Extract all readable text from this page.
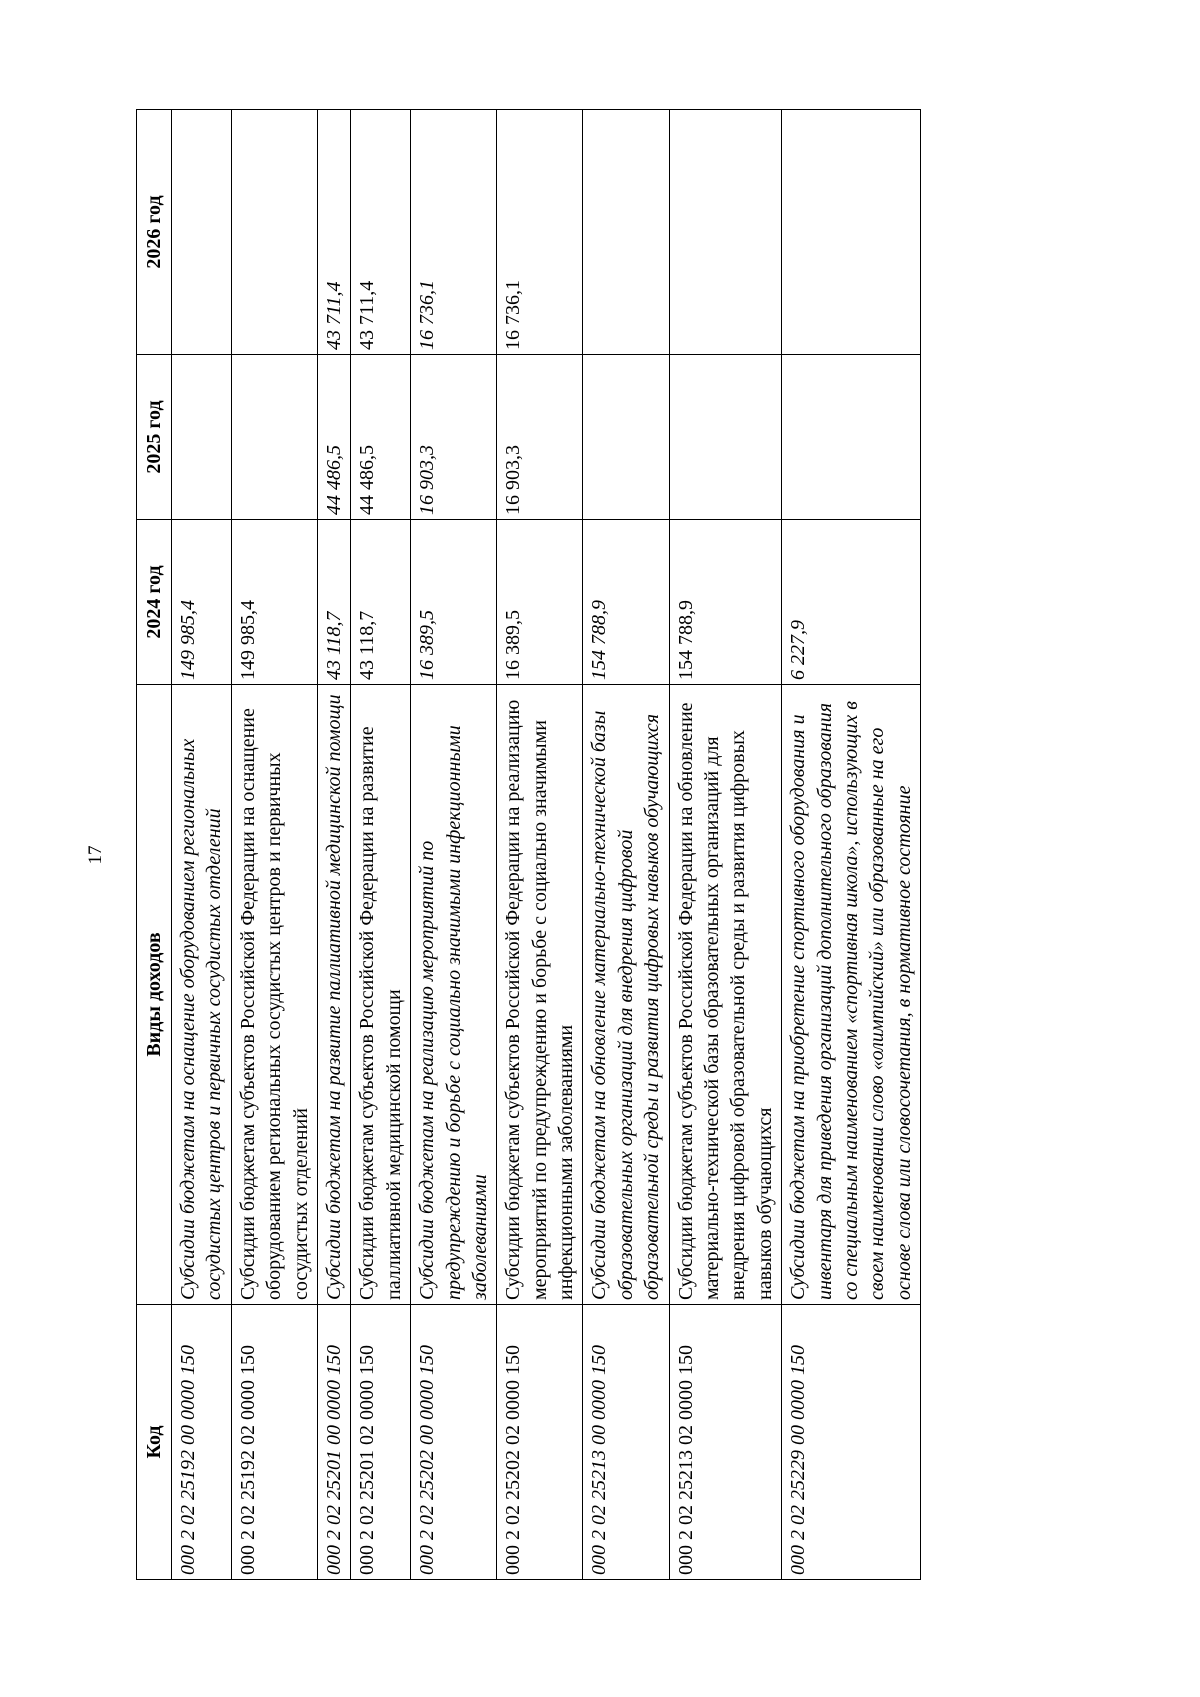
17
Код	Виды доходов	2024 год	2025 год	2026 год
000 2 02 25192 00 0000 150	Субсидии бюджетам на оснащение оборудованием региональных сосудистых центров и первичных сосудистых отделений	149 985,4		
000 2 02 25192 02 0000 150	Субсидии бюджетам субъектов Российской Федерации на оснащение оборудованием региональных сосудистых центров и первичных сосудистых отделений	149 985,4		
000 2 02 25201 00 0000 150	Субсидии бюджетам на развитие паллиативной медицинской помощи	43 118,7	44 486,5	43 711,4
000 2 02 25201 02 0000 150	Субсидии бюджетам субъектов Российской Федерации на развитие паллиативной медицинской помощи	43 118,7	44 486,5	43 711,4
000 2 02 25202 00 0000 150	Субсидии бюджетам на реализацию мероприятий по предупреждению и борьбе с социально значимыми инфекционными заболеваниями	16 389,5	16 903,3	16 736,1
000 2 02 25202 02 0000 150	Субсидии бюджетам субъектов Российской Федерации на реализацию мероприятий по предупреждению и борьбе с социально значимыми инфекционными заболеваниями	16 389,5	16 903,3	16 736,1
000 2 02 25213 00 0000 150	Субсидии бюджетам на обновление материально-технической базы образовательных организаций для внедрения цифровой образовательной среды и развития цифровых навыков обучающихся	154 788,9		
000 2 02 25213 02 0000 150	Субсидии бюджетам субъектов Российской Федерации на обновление материально-технической базы образовательных организаций для внедрения цифровой образовательной среды и развития цифровых навыков обучающихся	154 788,9		
000 2 02 25229 00 0000 150	Субсидии бюджетам на приобретение спортивного оборудования и инвентаря для приведения организаций дополнительного образования со специальным наименованием «спортивная школа», использующих в своем наименовании слово «олимпийский» или образованные на его основе слова или словосочетания, в нормативное состояние	6 227,9		
